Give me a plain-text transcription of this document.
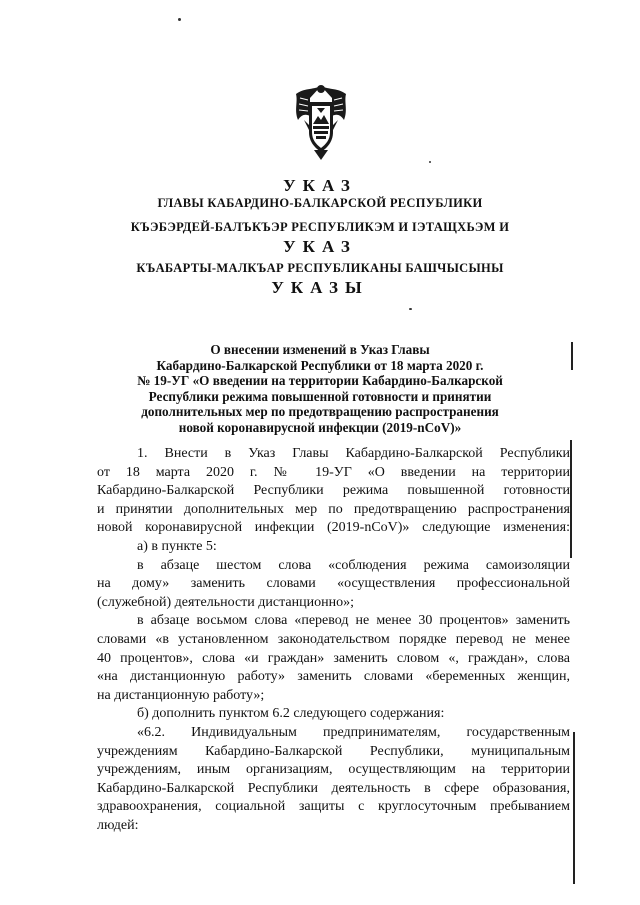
УКАЗ
ГЛАВЫ КАБАРДИНО-БАЛКАРСКОЙ РЕСПУБЛИКИ
КЪЭБЭРДЕЙ-БАЛЪКЪЭР РЕСПУБЛИКЭМ И ІЭТАЩХЬЭМ И
УКАЗ
КЪАБАРТЫ-МАЛКЪАР РЕСПУБЛИКАНЫ БАШЧЫСЫНЫ
УКАЗЫ
О внесении изменений в Указ Главы
Кабардино-Балкарской Республики от 18 марта 2020 г.
№ 19-УГ «О введении на территории Кабардино-Балкарской
Республики режима повышенной готовности и принятии
дополнительных мер по предотвращению распространения
новой коронавирусной инфекции (2019-nCoV)»
1. Внести в Указ Главы Кабардино-Балкарской Республики
от 18 марта 2020 г. № 19-УГ «О введении на территории
Кабардино-Балкарской Республики режима повышенной готовности
и принятии дополнительных мер по предотвращению распространения
новой коронавирусной инфекции (2019-nCoV)» следующие изменения:
а) в пункте 5:
в абзаце шестом слова «соблюдения режима самоизоляции
на дому» заменить словами «осуществления профессиональной
(служебной) деятельности дистанционно»;
в абзаце восьмом слова «перевод не менее 30 процентов» заменить
словами «в установленном законодательством порядке перевод не менее
40 процентов», слова «и граждан» заменить словом «, граждан», слова
«на дистанционную работу» заменить словами «беременных женщин,
на дистанционную работу»;
б) дополнить пунктом 6.2 следующего содержания:
«6.2. Индивидуальным предпринимателям, государственным
учреждениям Кабардино-Балкарской Республики, муниципальным
учреждениям, иным организациям, осуществляющим на территории
Кабардино-Балкарской Республики деятельность в сфере образования,
здравоохранения, социальной защиты с круглосуточным пребыванием
людей:
